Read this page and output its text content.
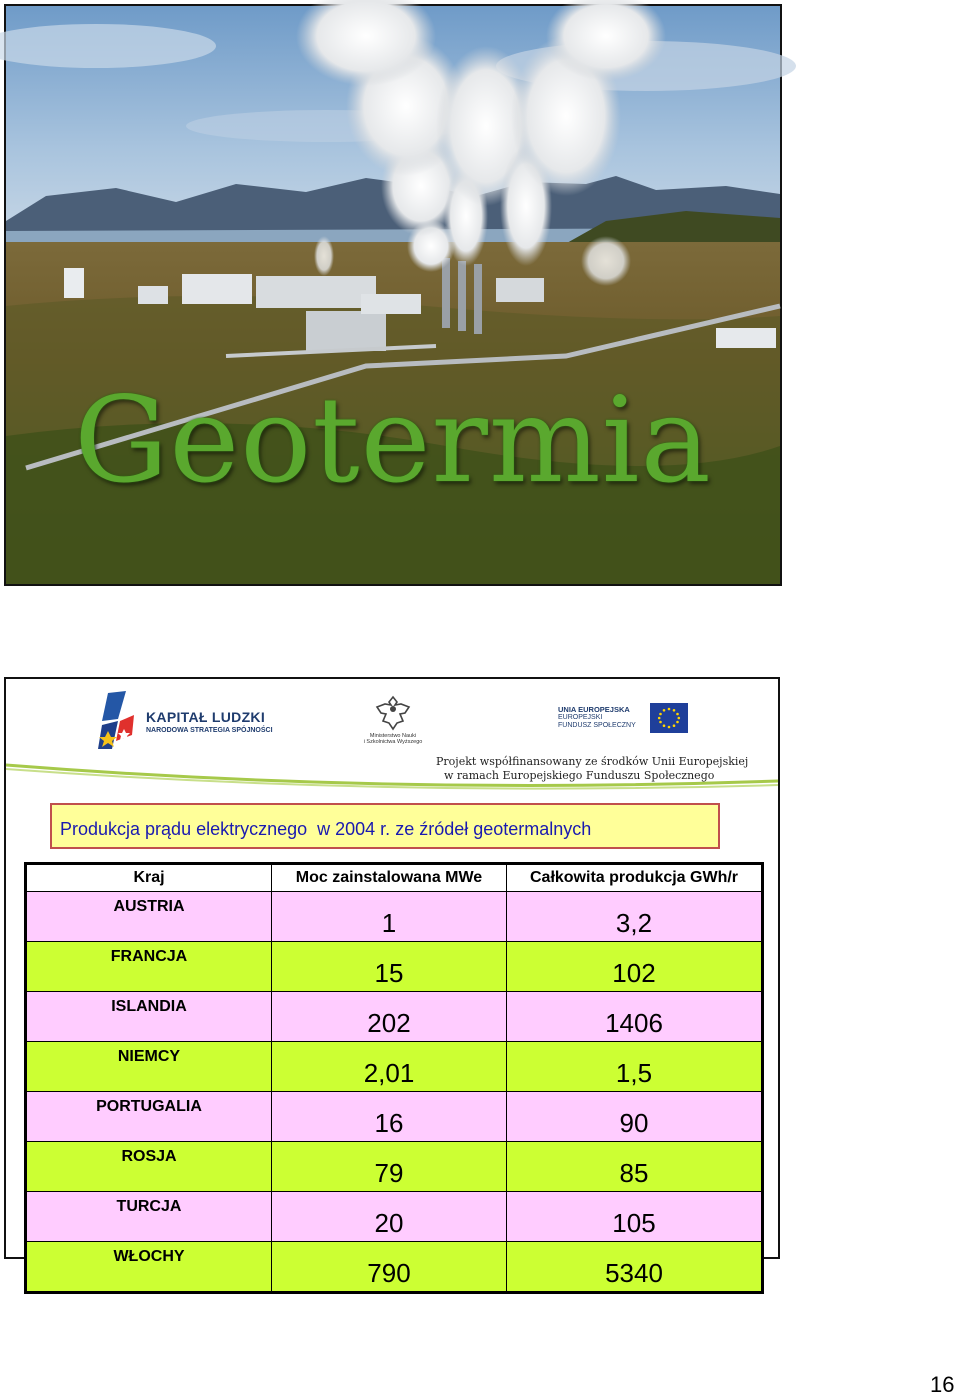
Geotermia
KAPITAŁ LUDZKI
NARODOWA STRATEGIA SPÓJNOŚCI
Ministerstwo Nauki
i Szkolnictwa Wyższego
UNIA EUROPEJSKA
EUROPEJSKI
FUNDUSZ SPOŁECZNY
Projekt współfinansowany ze środków Unii Europejskiej
w ramach Europejskiego Funduszu Społecznego
Produkcja prądu elektrycznego  w 2004 r. ze źródeł geotermalnych
Kraj	Moc zainstalowana MWe	Całkowita produkcja GWh/r
AUSTRIA	1	3,2
FRANCJA	15	102
ISLANDIA	202	1406
NIEMCY	2,01	1,5
PORTUGALIA	16	90
ROSJA	79	85
TURCJA	20	105
WŁOCHY	790	5340
16
